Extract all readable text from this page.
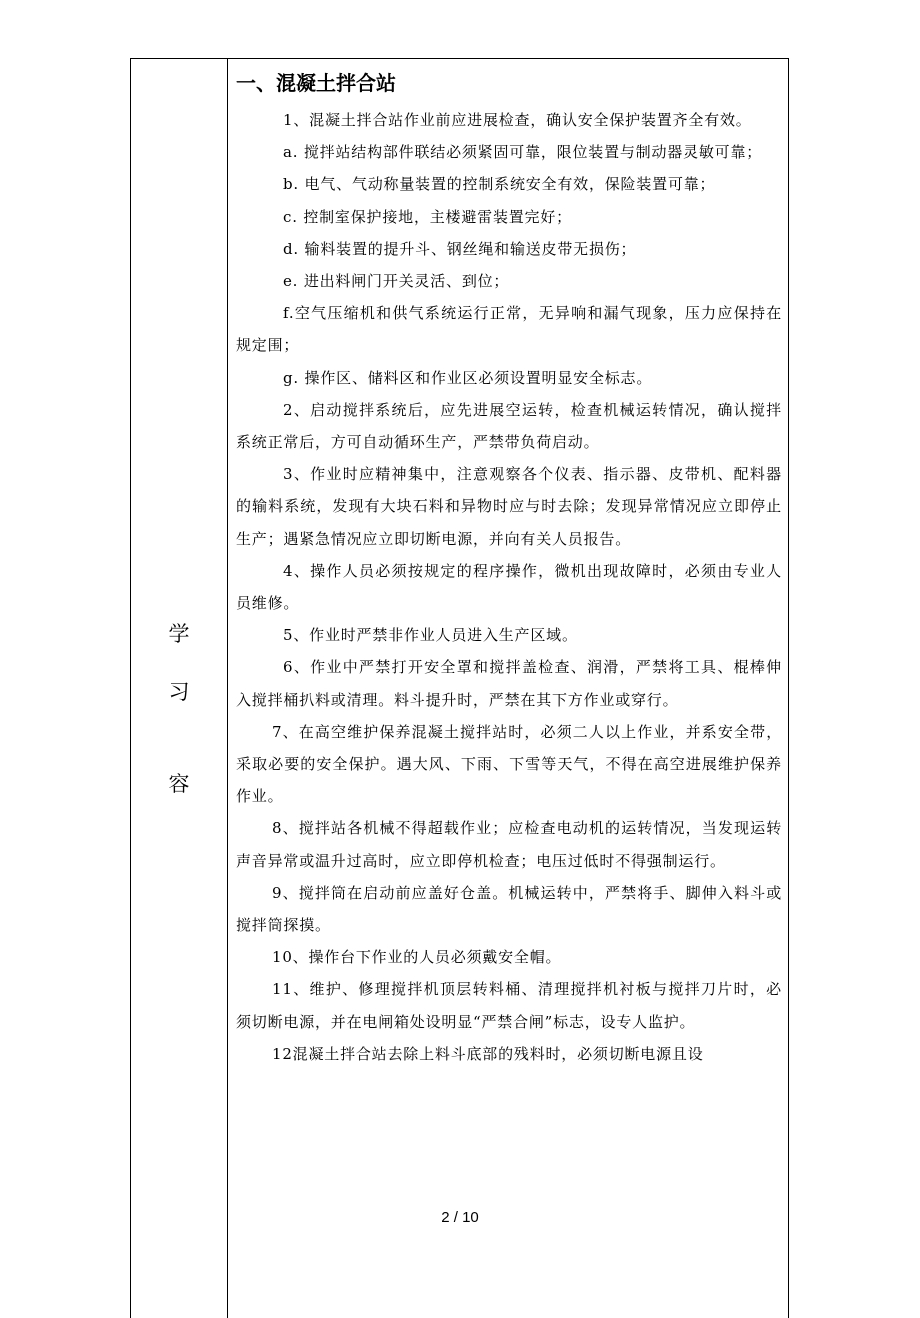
学
习
容
一、混凝土拌合站

1、混凝土拌合站作业前应进展检查，确认安全保护装置齐全有效。

a. 搅拌站结构部件联结必须紧固可靠，限位装置与制动器灵敏可靠；

b. 电气、气动称量装置的控制系统安全有效，保险装置可靠；

c. 控制室保护接地，主楼避雷装置完好；

d. 输料装置的提升斗、钢丝绳和输送皮带无损伤；

e. 进出料闸门开关灵活、到位；

f.空气压缩机和供气系统运行正常，无异响和漏气现象，压力应保持在规定围；

g. 操作区、储料区和作业区必须设置明显安全标志。

2、启动搅拌系统后，应先进展空运转，检查机械运转情况，确认搅拌系统正常后，方可自动循环生产，严禁带负荷启动。

3、作业时应精神集中，注意观察各个仪表、指示器、皮带机、配料器的输料系统，发现有大块石料和异物时应与时去除；发现异常情况应立即停止生产；遇紧急情况应立即切断电源，并向有关人员报告。

4、操作人员必须按规定的程序操作，微机出现故障时，必须由专业人员维修。

5、作业时严禁非作业人员进入生产区域。

6、作业中严禁打开安全罩和搅拌盖检查、润滑，严禁将工具、棍棒伸入搅拌桶扒料或清理。料斗提升时，严禁在其下方作业或穿行。

7、在高空维护保养混凝土搅拌站时，必须二人以上作业，并系安全带，采取必要的安全保护。遇大风、下雨、下雪等天气，不得在高空进展维护保养作业。

8、搅拌站各机械不得超载作业；应检查电动机的运转情况，当发现运转声音异常或温升过高时，应立即停机检查；电压过低时不得强制运行。

9、搅拌筒在启动前应盖好仓盖。机械运转中，严禁将手、脚伸入料斗或搅拌筒探摸。

10、操作台下作业的人员必须戴安全帽。

11、维护、修理搅拌机顶层转料桶、清理搅拌机衬板与搅拌刀片时，必须切断电源，并在电闸箱处设明显“严禁合闸”标志，设专人监护。

12混凝土拌合站去除上料斗底部的残料时，必须切断电源且设

2 / 10
